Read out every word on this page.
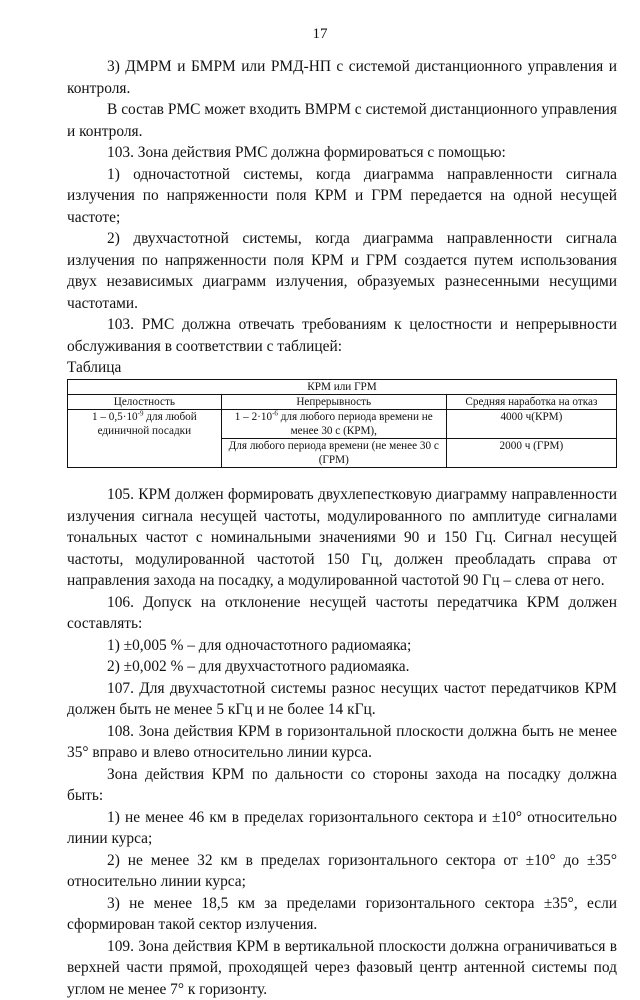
17

3) ДМРМ и БМРМ или РМД-НП с системой дистанционного управления и контроля.

В состав РМС может входить ВМРМ с системой дистанционного управления и контроля.

103. Зона действия РМС должна формироваться с помощью:

1) одночастотной системы, когда диаграмма направленности сигнала излучения по напряженности поля КРМ и ГРМ передается на одной несущей частоте;

2) двухчастотной системы, когда диаграмма направленности сигнала излучения по напряженности поля КРМ и ГРМ создается путем использования двух независимых диаграмм излучения, образуемых разнесенными несущими частотами.

103. РМС должна отвечать требованиям к целостности и непрерывности обслуживания в соответствии с таблицей:

Таблица

КРМ или ГРМ		
Целостность	Непрерывность	Средняя наработка на отказ
$1 - 0,5\cdot 10^{-9}$ для любой единичной посадки	$1 - 2\cdot 10^{-6}$ для любого периода времени не менее 30 с (КРМ),	4000 ч(КРМ)
	Для любого периода времени (не менее 30 с (ГРМ)	2000 ч (ГРМ)

105. КРМ должен формировать двухлепестковую диаграмму направленности излучения сигнала несущей частоты, модулированного по амплитуде сигналами тональных частот с номинальными значениями 90 и 150 Гц. Сигнал несущей частоты, модулированной частотой 150 Гц, должен преобладать справа от направления захода на посадку, а модулированной частотой 90 Гц – слева от него.

106. Допуск на отклонение несущей частоты передатчика КРМ должен составлять:

1) ±0,005 % – для одночастотного радиомаяка;

2) ±0,002 % – для двухчастотного радиомаяка.

107. Для двухчастотной системы разнос несущих частот передатчиков КРМ должен быть не менее 5 кГц и не более 14 кГц.

108. Зона действия КРМ в горизонтальной плоскости должна быть не менее 35° вправо и влево относительно линии курса.

Зона действия КРМ по дальности со стороны захода на посадку должна быть:

1) не менее 46 км в пределах горизонтального сектора и ±10° относительно линии курса;

2) не менее 32 км в пределах горизонтального сектора от ±10° до ±35° относительно линии курса;

3) не менее 18,5 км за пределами горизонтального сектора ±35°, если сформирован такой сектор излучения.

109. Зона действия КРМ в вертикальной плоскости должна ограничиваться в верхней части прямой, проходящей через фазовый центр антенной системы под углом не менее 7° к горизонту.
